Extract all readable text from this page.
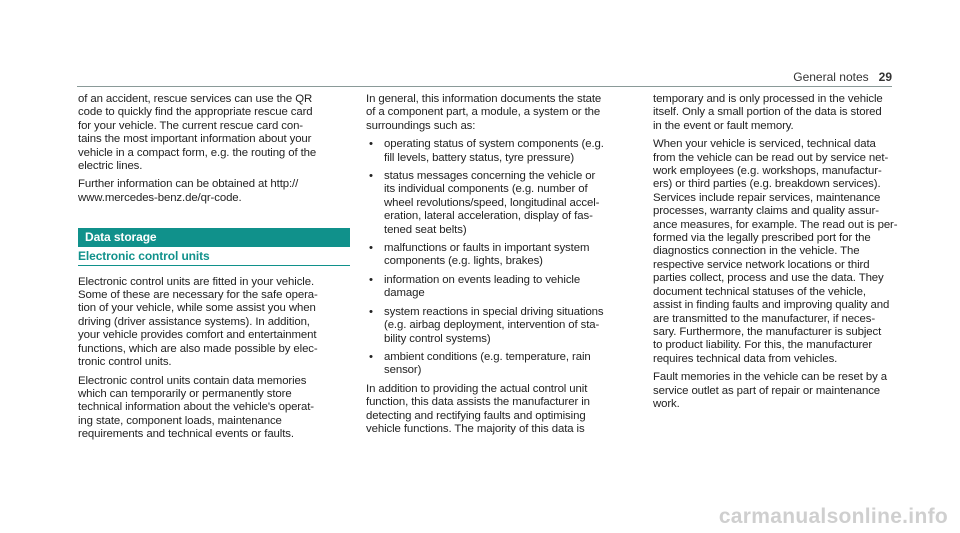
General notes 29

of an accident, rescue services can use the QR
code to quickly find the appropriate rescue card
for your vehicle. The current rescue card con-
tains the most important information about your
vehicle in a compact form, e.g. the routing of the
electric lines.

Further information can be obtained at http://
www.mercedes-benz.de/qr-code.

Data storage
Electronic control units

Electronic control units are fitted in your vehicle.
Some of these are necessary for the safe opera-
tion of your vehicle, while some assist you when
driving (driver assistance systems). In addition,
your vehicle provides comfort and entertainment
functions, which are also made possible by elec-
tronic control units.

Electronic control units contain data memories
which can temporarily or permanently store
technical information about the vehicle's operat-
ing state, component loads, maintenance
requirements and technical events or faults.

In general, this information documents the state
of a component part, a module, a system or the
surroundings such as:

• operating status of system components (e.g.
fill levels, battery status, tyre pressure)
• status messages concerning the vehicle or
its individual components (e.g. number of
wheel revolutions/speed, longitudinal accel-
eration, lateral acceleration, display of fas-
tened seat belts)
• malfunctions or faults in important system
components (e.g. lights, brakes)
• information on events leading to vehicle
damage
• system reactions in special driving situations
(e.g. airbag deployment, intervention of sta-
bility control systems)
• ambient conditions (e.g. temperature, rain
sensor)

In addition to providing the actual control unit
function, this data assists the manufacturer in
detecting and rectifying faults and optimising
vehicle functions. The majority of this data is

temporary and is only processed in the vehicle
itself. Only a small portion of the data is stored
in the event or fault memory.

When your vehicle is serviced, technical data
from the vehicle can be read out by service net-
work employees (e.g. workshops, manufactur-
ers) or third parties (e.g. breakdown services).
Services include repair services, maintenance
processes, warranty claims and quality assur-
ance measures, for example. The read out is per-
formed via the legally prescribed port for the
diagnostics connection in the vehicle. The
respective service network locations or third
parties collect, process and use the data. They
document technical statuses of the vehicle,
assist in finding faults and improving quality and
are transmitted to the manufacturer, if neces-
sary. Furthermore, the manufacturer is subject
to product liability. For this, the manufacturer
requires technical data from vehicles.

Fault memories in the vehicle can be reset by a
service outlet as part of repair or maintenance
work.

carmanualsonline.info
